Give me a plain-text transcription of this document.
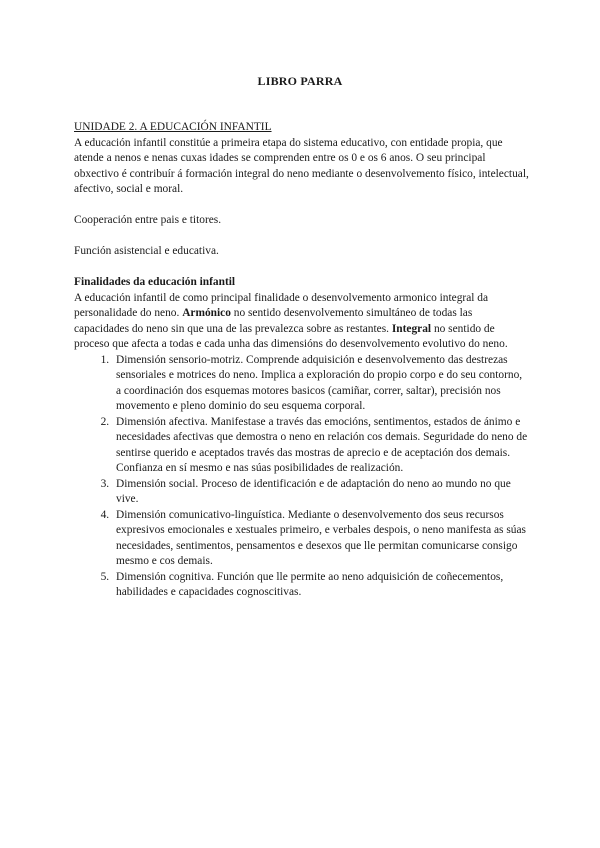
LIBRO PARRA

UNIDADE 2. A EDUCACIÓN INFANTIL

A educación infantil constitúe a primeira etapa do sistema educativo, con entidade propia, que atende a nenos e nenas cuxas idades se comprenden entre os 0 e os 6 anos. O seu principal obxectivo é contribuír á formación integral do neno mediante o desenvolvemento físico, intelectual, afectivo, social e moral.

Cooperación entre pais e titores.

Función asistencial e educativa.

Finalidades da educación infantil

A educación infantil de como principal finalidade o desenvolvemento armonico integral da personalidade do neno. Armónico no sentido desenvolvemento simultáneo de todas las capacidades do neno sin que una de las prevalezca sobre as restantes. Integral no sentido de proceso que afecta a todas e cada unha das dimensións do desenvolvemento evolutivo do neno.

1. Dimensión sensorio-motriz. Comprende adquisición e desenvolvemento das destrezas sensoriales e motrices do neno. Implica a exploración do propio corpo e do seu contorno, a coordinación dos esquemas motores basicos (camiñar, correr, saltar), precisión nos movemento e pleno dominio do seu esquema corporal.
2. Dimensión afectiva. Manifestase a través das emocións, sentimentos, estados de ánimo e necesidades afectivas que demostra o neno en relación cos demais. Seguridade do neno de sentirse querido e aceptados través das mostras de aprecio e de aceptación dos demais. Confianza en sí mesmo e nas súas posibilidades de realización.
3. Dimensión social. Proceso de identificación e de adaptación do neno ao mundo no que vive.
4. Dimensión comunicativo-linguística. Mediante o desenvolvemento dos seus recursos expresivos emocionales e xestuales primeiro, e verbales despois, o neno manifesta as súas necesidades, sentimentos, pensamentos e desexos que lle permitan comunicarse consigo mesmo e cos demais.
5. Dimensión cognitiva. Función que lle permite ao neno adquisición de coñecementos, habilidades e capacidades cognoscitivas.
